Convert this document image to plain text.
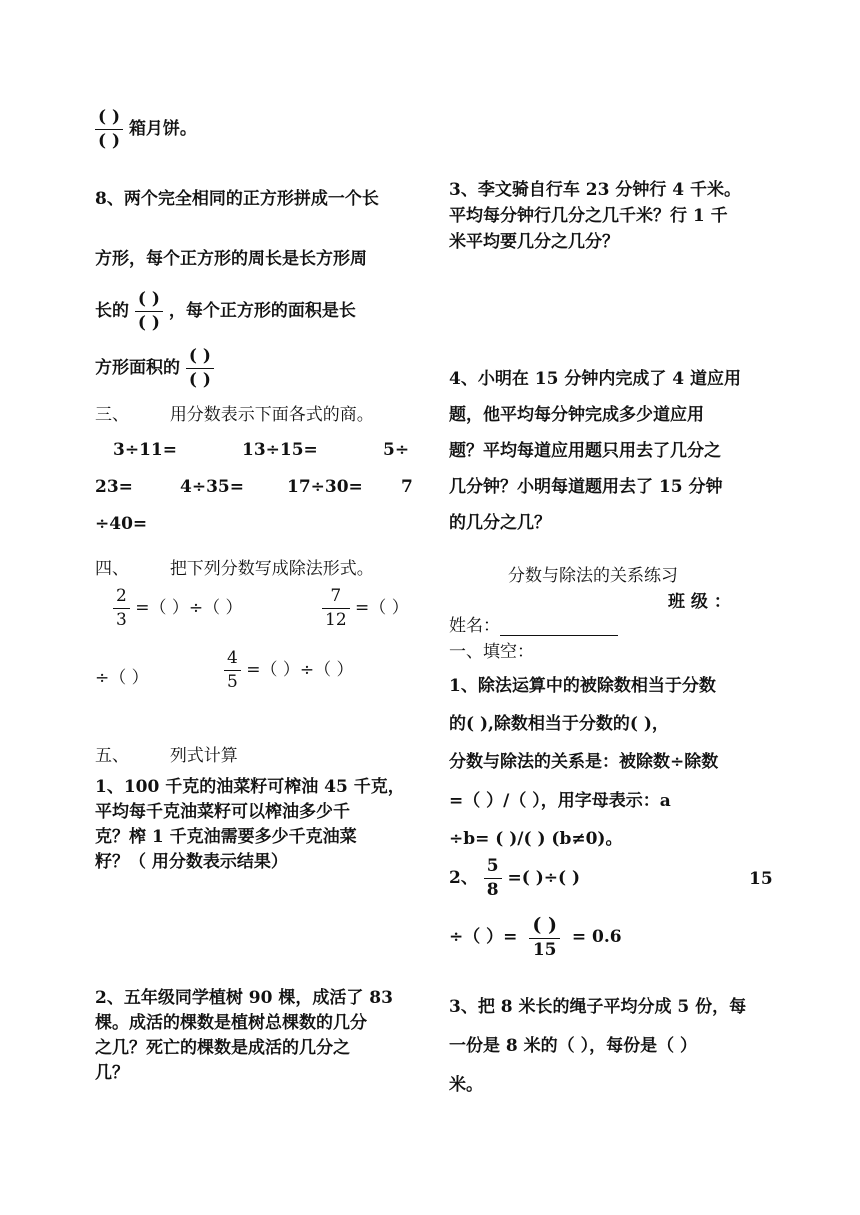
$\frac{( )}{( )}$ 箱月饼。
8、两个完全相同的正方形拼成一个长
方形，每个正方形的周长是长方形周
长的 $\frac{( )}{( )}$ ，每个正方形的面积是长
方形面积的 $\frac{( )}{( )}$
三、 用分数表示下面各式的商。
3÷11=	13÷15=	5÷
23=	4÷35=	17÷30= 7
÷40=
四、 把下列分数写成除法形式。
$\frac{2}{3}$ =（ ）÷（ ）	$\frac{7}{12}$ =（ ）
÷（ ）	$\frac{4}{5}$ =（ ）÷（ ）
五、 列式计算
1、100 千克的油菜籽可榨油 45 千克，
平均每千克油菜籽可以榨油多少千
克？榨 1 千克油需要多少千克油菜
籽？（ 用分数表示结果）
2、五年级同学植树 90 棵，成活了 83
棵。成活的棵数是植树总棵数的几分
之几？死亡的棵数是成活的几分之
几？
3、李文骑自行车 23 分钟行 4 千米。
平均每分钟行几分之几千米？行 1 千
米平均要几分之几分？
4、小明在 15 分钟内完成了 4 道应用
题，他平均每分钟完成多少道应用
题？平均每道应用题只用去了几分之
几分钟？小明每道题用去了 15 分钟
的几分之几？
分数与除法的关系练习
班 级 ：
姓名：
一、填空：
1、除法运算中的被除数相当于分数
的( ),除数相当于分数的( )，
分数与除法的关系是：被除数÷除数
=（ ）/（ ），用字母表示：a
÷b= ( )/( ) (b≠0)。
2、 $\frac{5}{8}$ =( )÷( )	15
÷（ ）= $\frac{( )}{15} = 0.6$
3、把 8 米长的绳子平均分成 5 份，每
一份是 8 米的（ ），每份是（ ）
米。
